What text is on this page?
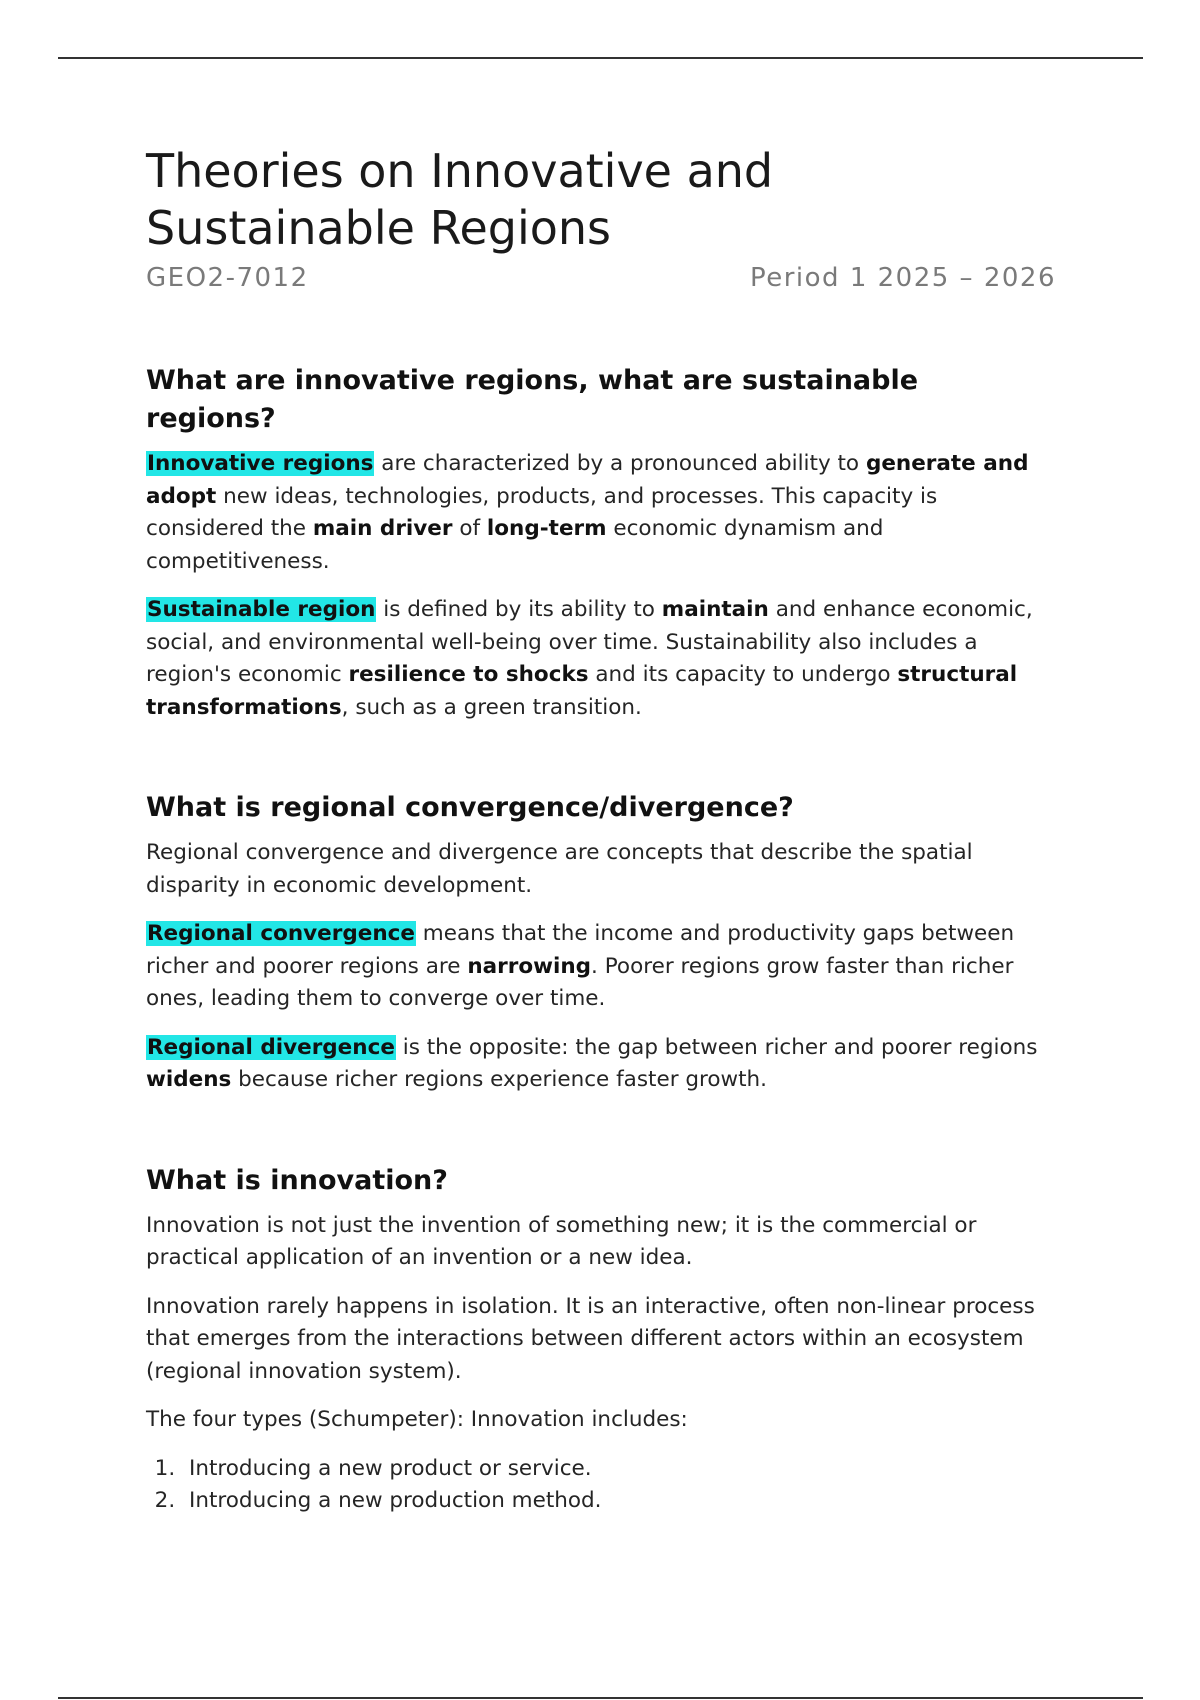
Theories on Innovative and
Sustainable Regions
GEO2-7012	Period 1 2025 – 2026
What are innovative regions, what are sustainable regions?

Innovative regions are characterized by a pronounced ability to generate and adopt new ideas, technologies, products, and processes. This capacity is considered the main driver of long-term economic dynamism and competitiveness.

Sustainable region is defined by its ability to maintain and enhance economic, social, and environmental well-being over time. Sustainability also includes a region's economic resilience to shocks and its capacity to undergo structural transformations, such as a green transition.

What is regional convergence/divergence?

Regional convergence and divergence are concepts that describe the spatial disparity in economic development.

Regional convergence means that the income and productivity gaps between richer and poorer regions are narrowing. Poorer regions grow faster than richer ones, leading them to converge over time.

Regional divergence is the opposite: the gap between richer and poorer regions widens because richer regions experience faster growth.

What is innovation?

Innovation is not just the invention of something new; it is the commercial or practical application of an invention or a new idea.

Innovation rarely happens in isolation. It is an interactive, often non-linear process that emerges from the interactions between different actors within an ecosystem (regional innovation system).

The four types (Schumpeter): Innovation includes:

1. Introducing a new product or service.
2. Introducing a new production method.
